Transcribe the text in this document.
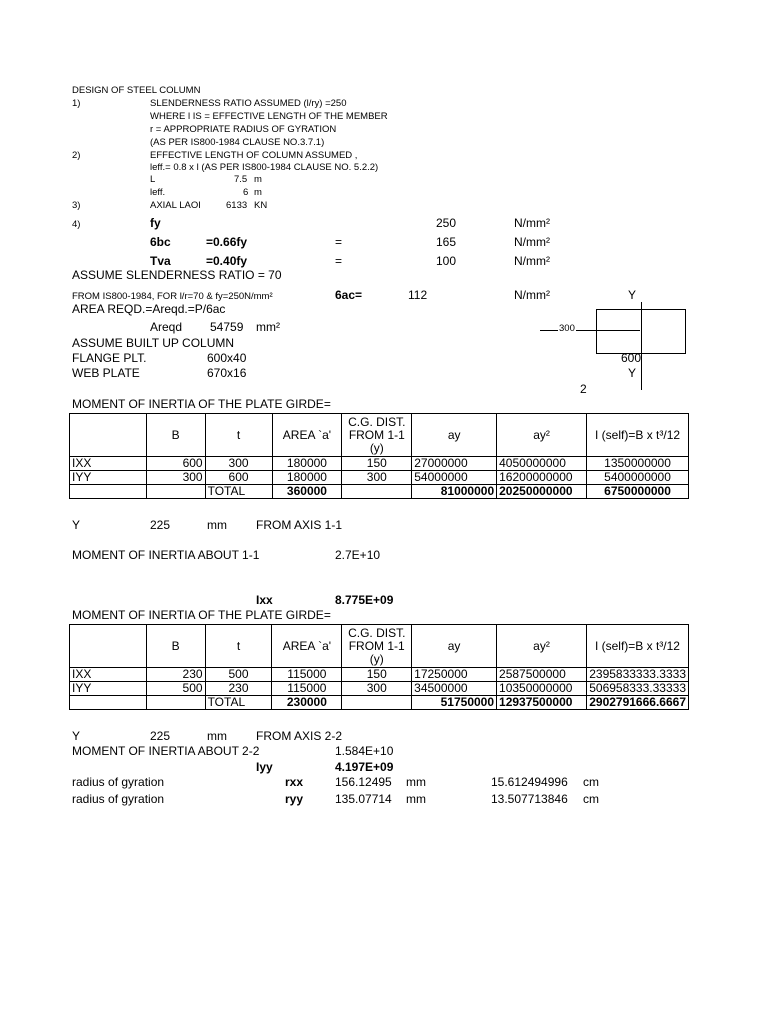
DESIGN OF STEEL COLUMN
1)	SLENDERNESS RATIO ASSUMED (l/ry) =250
WHERE l IS = EFFECTIVE LENGTH OF THE MEMBER
r = APPROPRIATE RADIUS OF GYRATION
(AS PER IS800-1984 CLAUSE NO.3.7.1)
2)	EFFECTIVE LENGTH OF COLUMN ASSUMED ,
leff.= 0.8 x l (AS PER IS800-1984 CLAUSE NO. 5.2.2)
L	7.5 m
leff.	6 m
3)	AXIAL LAOI	6133 KN
4)	fy	250	N/mm²
6bc	=0.66fy	=	165	N/mm²
Tva	=0.40fy	=	100	N/mm²
ASSUME SLENDERNESS RATIO = 70
FROM IS800-1984, FOR l/r=70 & fy=250N/mm²	6ac=	112	N/mm²
AREA REQD.=Areqd.=P/6ac
Areqd 54759 mm²
ASSUME BUILT UP COLUMN
FLANGE PLT.	600x40
WEB PLATE	670x16
Y
300
600
Y
2
MOMENT OF INERTIA OF THE PLATE GIRDE=
	B	t	AREA `a'	C.G. DIST. FROM 1-1 (y)	ay	ay²	I (self)=B x t³/12
IXX	600	300	180000	150	27000000	4050000000	1350000000
IYY	300	600	180000	300	54000000	16200000000	5400000000
		TOTAL	360000		81000000	20250000000	6750000000
Y	225	mm FROM AXIS 1-1
MOMENT OF INERTIA ABOUT 1-1	2.7E+10
Ixx	8.775E+09
MOMENT OF INERTIA OF THE PLATE GIRDE=
	B	t	AREA `a'	C.G. DIST. FROM 1-1 (y)	ay	ay²	I (self)=B x t³/12
IXX	230	500	115000	150	17250000	2587500000	2395833333.3333
IYY	500	230	115000	300	34500000	10350000000	506958333.33333
		TOTAL	230000		51750000	12937500000	2902791666.6667
Y	225	mm FROM AXIS 2-2
MOMENT OF INERTIA ABOUT 2-2	1.584E+10
Iyy	4.197E+09
radius of gyration	rxx	156.12495 mm	15.612494996 cm
radius of gyration	ryy	135.07714 mm	13.507713846 cm
